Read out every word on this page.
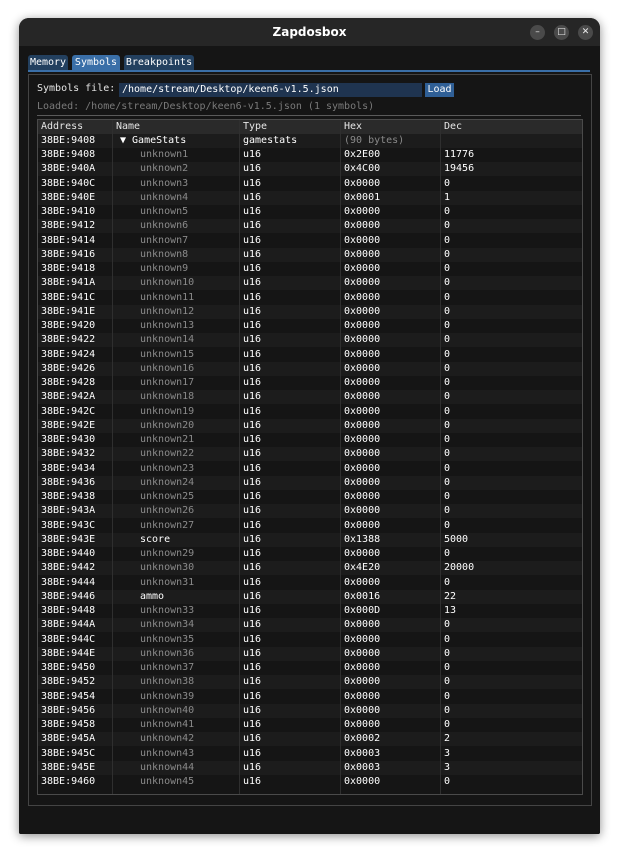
Zapdosbox	–	□	✕
Memory Symbols Breakpoints
Symbols file: /home/stream/Desktop/keen6-v1.5.json	Load
Loaded: /home/stream/Desktop/keen6-v1.5.json (1 symbols)
Address	Name	Type	Hex	Dec
38BE:9408	▼ GameStats	gamestats	(90 bytes)
38BE:9408	unknown1	u16	0x2E00	11776
38BE:940A	unknown2	u16	0x4C00	19456
38BE:940C	unknown3	u16	0x0000	0
38BE:940E	unknown4	u16	0x0001	1
38BE:9410	unknown5	u16	0x0000	0
38BE:9412	unknown6	u16	0x0000	0
38BE:9414	unknown7	u16	0x0000	0
38BE:9416	unknown8	u16	0x0000	0
38BE:9418	unknown9	u16	0x0000	0
38BE:941A	unknown10	u16	0x0000	0
38BE:941C	unknown11	u16	0x0000	0
38BE:941E	unknown12	u16	0x0000	0
38BE:9420	unknown13	u16	0x0000	0
38BE:9422	unknown14	u16	0x0000	0
38BE:9424	unknown15	u16	0x0000	0
38BE:9426	unknown16	u16	0x0000	0
38BE:9428	unknown17	u16	0x0000	0
38BE:942A	unknown18	u16	0x0000	0
38BE:942C	unknown19	u16	0x0000	0
38BE:942E	unknown20	u16	0x0000	0
38BE:9430	unknown21	u16	0x0000	0
38BE:9432	unknown22	u16	0x0000	0
38BE:9434	unknown23	u16	0x0000	0
38BE:9436	unknown24	u16	0x0000	0
38BE:9438	unknown25	u16	0x0000	0
38BE:943A	unknown26	u16	0x0000	0
38BE:943C	unknown27	u16	0x0000	0
38BE:943E	score	u16	0x1388	5000
38BE:9440	unknown29	u16	0x0000	0
38BE:9442	unknown30	u16	0x4E20	20000
38BE:9444	unknown31	u16	0x0000	0
38BE:9446	ammo	u16	0x0016	22
38BE:9448	unknown33	u16	0x000D	13
38BE:944A	unknown34	u16	0x0000	0
38BE:944C	unknown35	u16	0x0000	0
38BE:944E	unknown36	u16	0x0000	0
38BE:9450	unknown37	u16	0x0000	0
38BE:9452	unknown38	u16	0x0000	0
38BE:9454	unknown39	u16	0x0000	0
38BE:9456	unknown40	u16	0x0000	0
38BE:9458	unknown41	u16	0x0000	0
38BE:945A	unknown42	u16	0x0002	2
38BE:945C	unknown43	u16	0x0003	3
38BE:945E	unknown44	u16	0x0003	3
38BE:9460	unknown45	u16	0x0000	0
